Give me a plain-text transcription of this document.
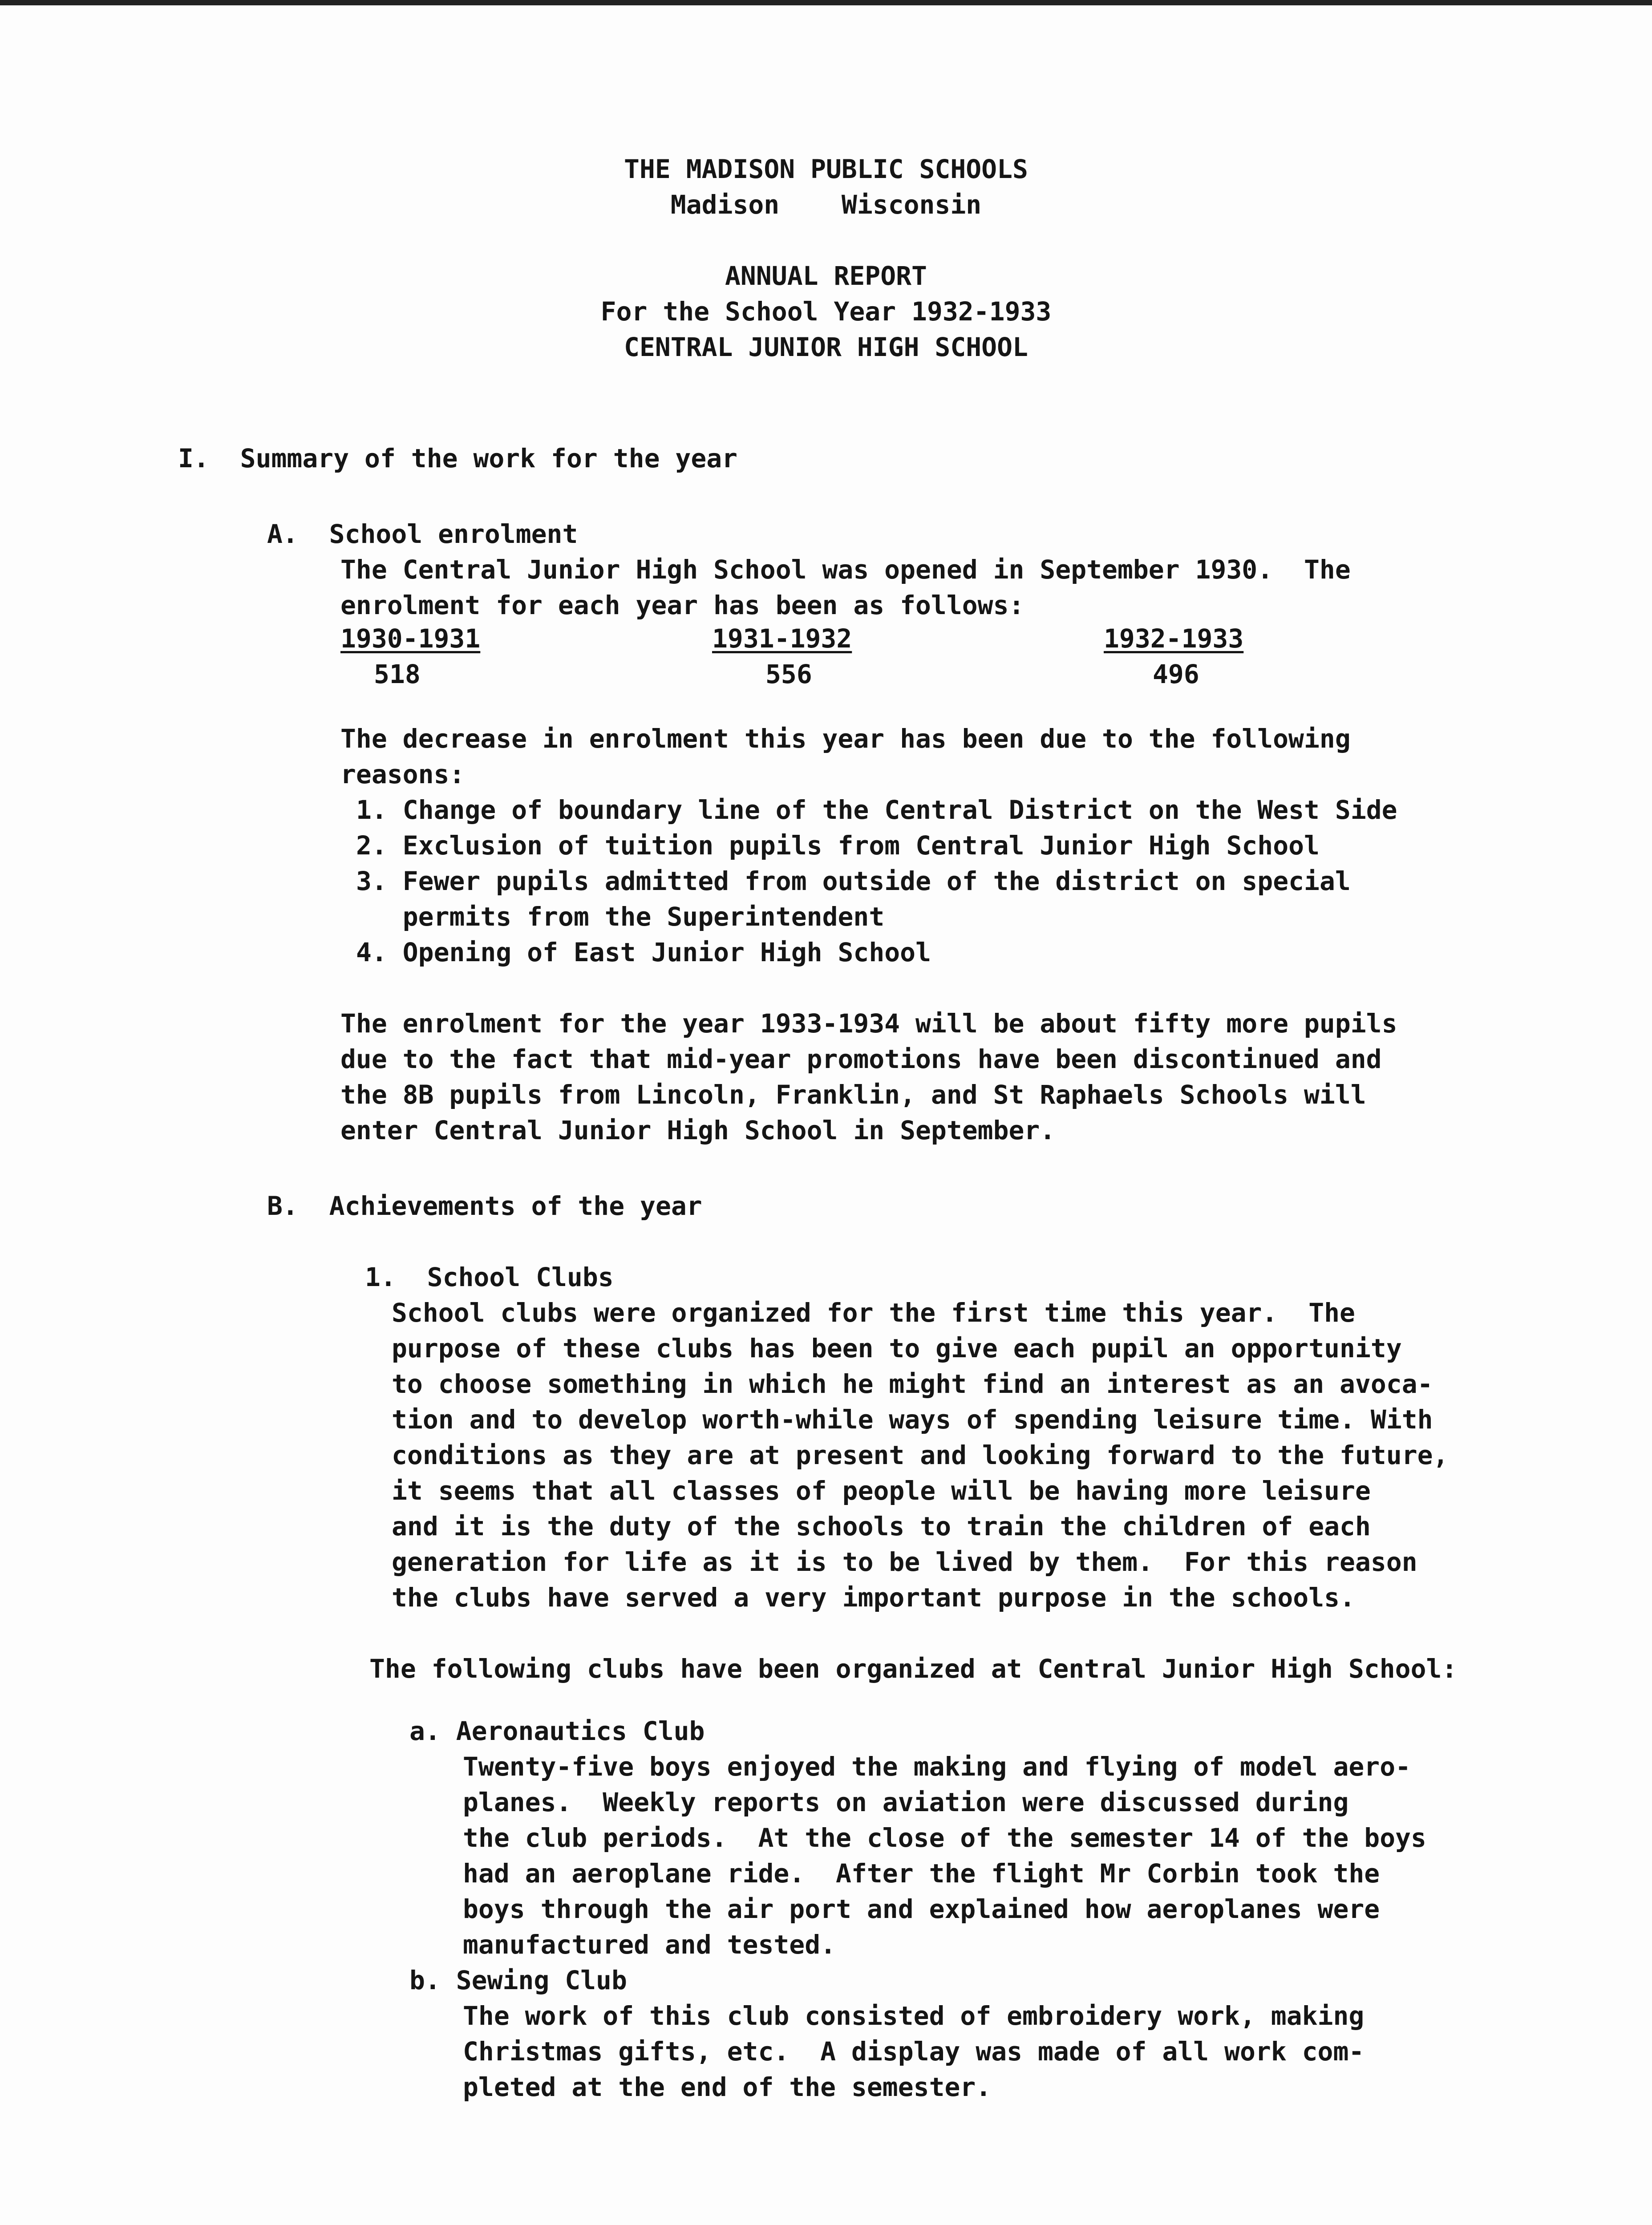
THE MADISON PUBLIC SCHOOLS
Madison    Wisconsin
ANNUAL REPORT
For the School Year 1932-1933
CENTRAL JUNIOR HIGH SCHOOL
I.  Summary of the work for the year
A.  School enrolment
The Central Junior High School was opened in September 1930.  The
enrolment for each year has been as follows:
1930-1931
518
1931-1932
556
1932-1933
496
The decrease in enrolment this year has been due to the following
reasons:
1. Change of boundary line of the Central District on the West Side
2. Exclusion of tuition pupils from Central Junior High School
3. Fewer pupils admitted from outside of the district on special
permits from the Superintendent
4. Opening of East Junior High School
The enrolment for the year 1933-1934 will be about fifty more pupils
due to the fact that mid-year promotions have been discontinued and
the 8B pupils from Lincoln, Franklin, and St Raphaels Schools will
enter Central Junior High School in September.
B.  Achievements of the year
1.  School Clubs
School clubs were organized for the first time this year.  The
purpose of these clubs has been to give each pupil an opportunity
to choose something in which he might find an interest as an avoca-
tion and to develop worth-while ways of spending leisure time. With
conditions as they are at present and looking forward to the future,
it seems that all classes of people will be having more leisure
and it is the duty of the schools to train the children of each
generation for life as it is to be lived by them.  For this reason
the clubs have served a very important purpose in the schools.
The following clubs have been organized at Central Junior High School:
a. Aeronautics Club
Twenty-five boys enjoyed the making and flying of model aero-
planes.  Weekly reports on aviation were discussed during
the club periods.  At the close of the semester 14 of the boys
had an aeroplane ride.  After the flight Mr Corbin took the
boys through the air port and explained how aeroplanes were
manufactured and tested.
b. Sewing Club
The work of this club consisted of embroidery work, making
Christmas gifts, etc.  A display was made of all work com-
pleted at the end of the semester.
